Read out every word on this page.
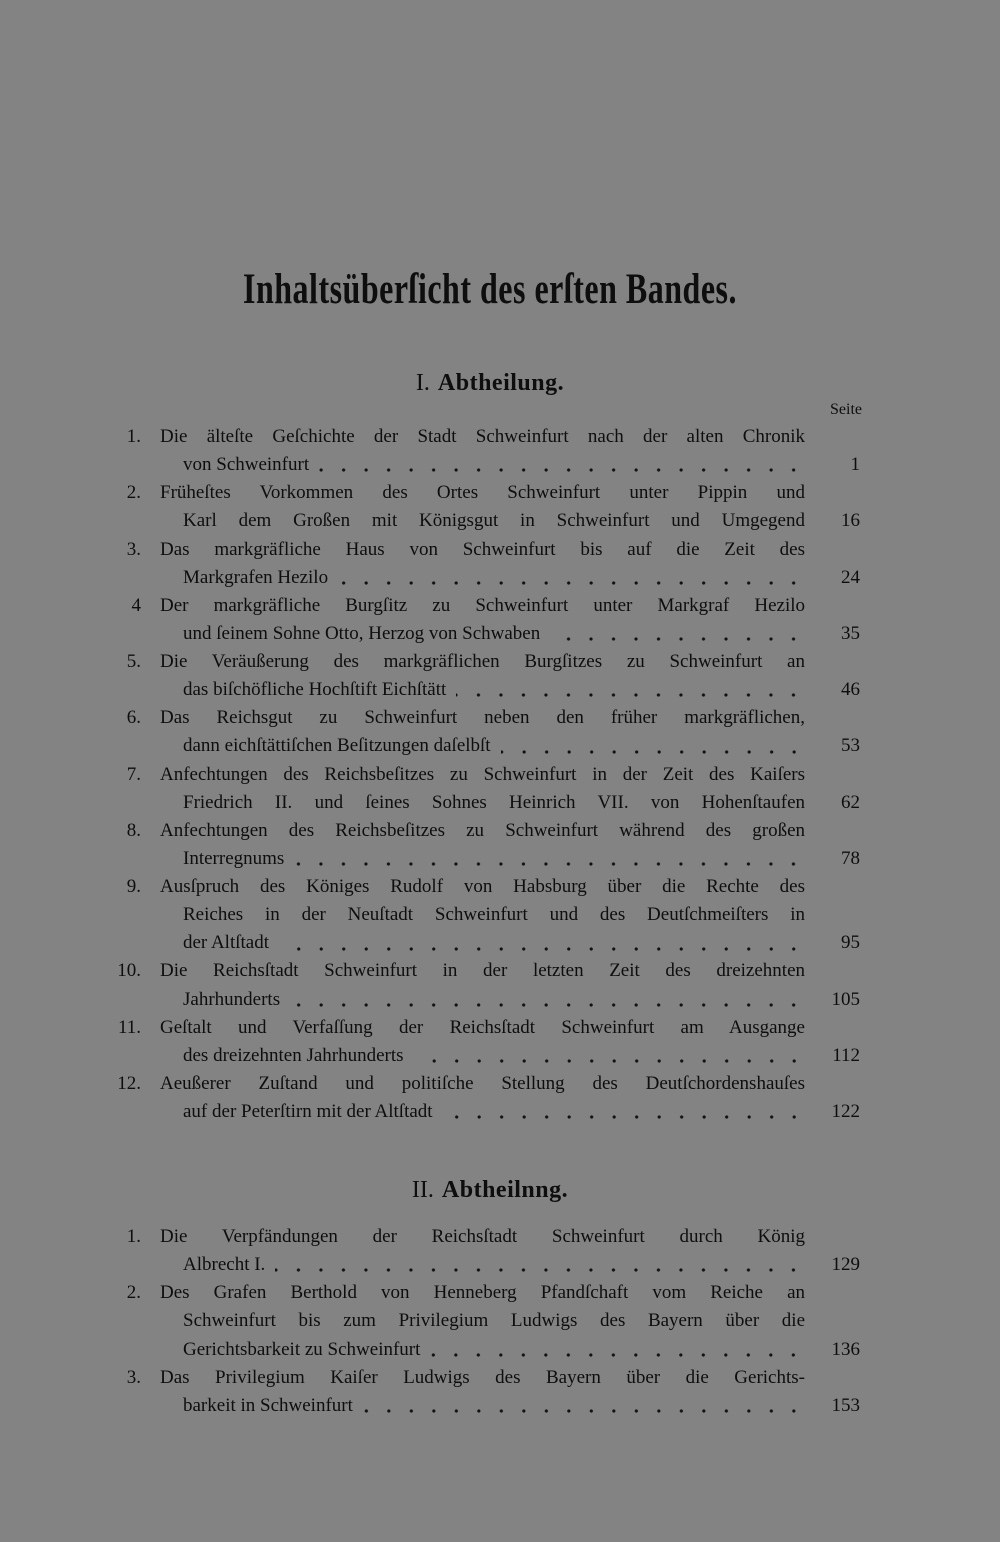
Inhaltsüberſicht des erſten Bandes.
I. Abtheilung.
Seite
1. Die älteſte Geſchichte der Stadt Schweinfurt nach der alten Chronik
von Schweinfurt	1
2. Früheſtes Vorkommen des Ortes Schweinfurt unter Pippin und
Karl dem Großen mit Königsgut in Schweinfurt und Umgegend	16
3. Das markgräfliche Haus von Schweinfurt bis auf die Zeit des
Markgrafen Hezilo	24
4 Der markgräfliche Burgſitz zu Schweinfurt unter Markgraf Hezilo
und ſeinem Sohne Otto, Herzog von Schwaben	35
5. Die Veräußerung des markgräflichen Burgſitzes zu Schweinfurt an
das biſchöfliche Hochſtift Eichſtätt	46
6. Das Reichsgut zu Schweinfurt neben den früher markgräflichen,
dann eichſtättiſchen Beſitzungen daſelbſt	53
7. Anfechtungen des Reichsbeſitzes zu Schweinfurt in der Zeit des Kaiſers
Friedrich II. und ſeines Sohnes Heinrich VII. von Hohenſtaufen	62
8. Anfechtungen des Reichsbeſitzes zu Schweinfurt während des großen
Interregnums	78
9. Ausſpruch des Königes Rudolf von Habsburg über die Rechte des
Reiches in der Neuſtadt Schweinfurt und des Deutſchmeiſters in
der Altſtadt	95
10. Die Reichsſtadt Schweinfurt in der letzten Zeit des dreizehnten
Jahrhunderts	105
11. Geſtalt und Verfaſſung der Reichsſtadt Schweinfurt am Ausgange
des dreizehnten Jahrhunderts	112
12. Aeußerer Zuſtand und politiſche Stellung des Deutſchordenshauſes
auf der Peterſtirn mit der Altſtadt	122
II. Abtheilnng.
1. Die Verpfändungen der Reichsſtadt Schweinfurt durch König
Albrecht I.	129
2. Des Grafen Berthold von Henneberg Pfandſchaft vom Reiche an
Schweinfurt bis zum Privilegium Ludwigs des Bayern über die
Gerichtsbarkeit zu Schweinfurt	136
3. Das Privilegium Kaiſer Ludwigs des Bayern über die Gerichts-
barkeit in Schweinfurt	153
